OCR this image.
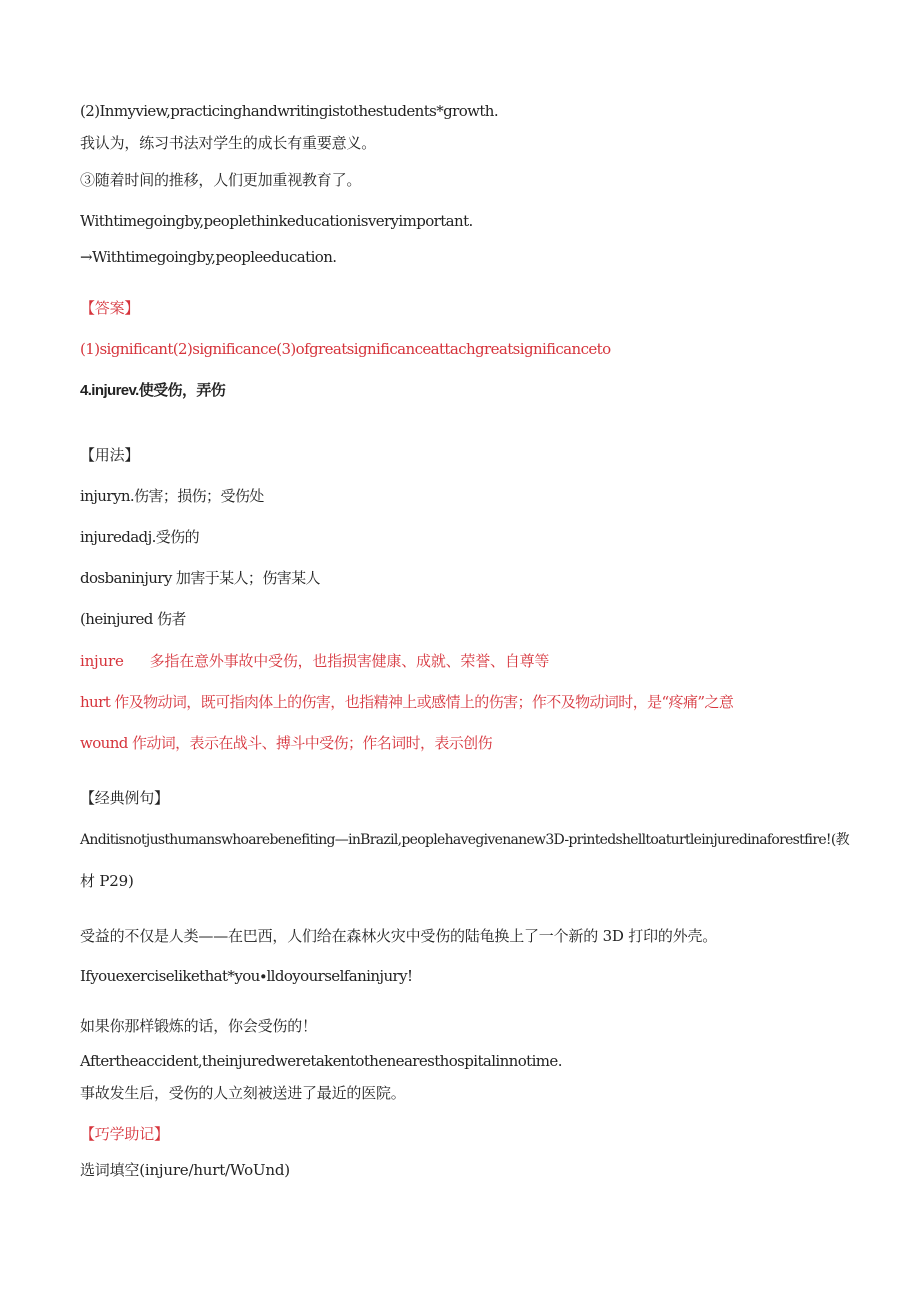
(2)Inmyview,practicinghandwritingistothestudents*growth.
我认为，练习书法对学生的成长有重要意义。
③随着时间的推移，人们更加重视教育了。
Withtimegoingby,peoplethinkeducationisveryimportant.
→Withtimegoingby,peopleeducation.
【答案】
(1)significant(2)significance(3)ofgreatsignificanceattachgreatsignificanceto
4.injurev.使受伤，弄伤
【用法】
injuryn.伤害；损伤；受伤处
injuredadj.受伤的
dosbaninjury 加害于某人；伤害某人
(heinjured 伤者
injure 多指在意外事故中受伤，也指损害健康、成就、荣誉、自尊等
hurt 作及物动词，既可指肉体上的伤害，也指精神上或感情上的伤害；作不及物动词时，是“疼痛”之意
wound 作动词，表示在战斗、搏斗中受伤；作名词时，表示创伤
【经典例句】
Anditisnotjusthumanswhoarebenefiting—inBrazil,peoplehavegivenanew3D-printedshelltoaturtleinjuredinaforestfire!(教
材 P29)
受益的不仅是人类——在巴西，人们给在森林火灾中受伤的陆龟换上了一个新的 3D 打印的外壳。
Ifyouexerciselikethat*you∙lldoyourselfaninjury!
如果你那样锻炼的话，你会受伤的！
Aftertheaccident,theinjuredweretakentothenearesthospitalinnotime.
事故发生后，受伤的人立刻被送进了最近的医院。
【巧学助记】
选词填空(injure∕hurt∕WoUnd)
